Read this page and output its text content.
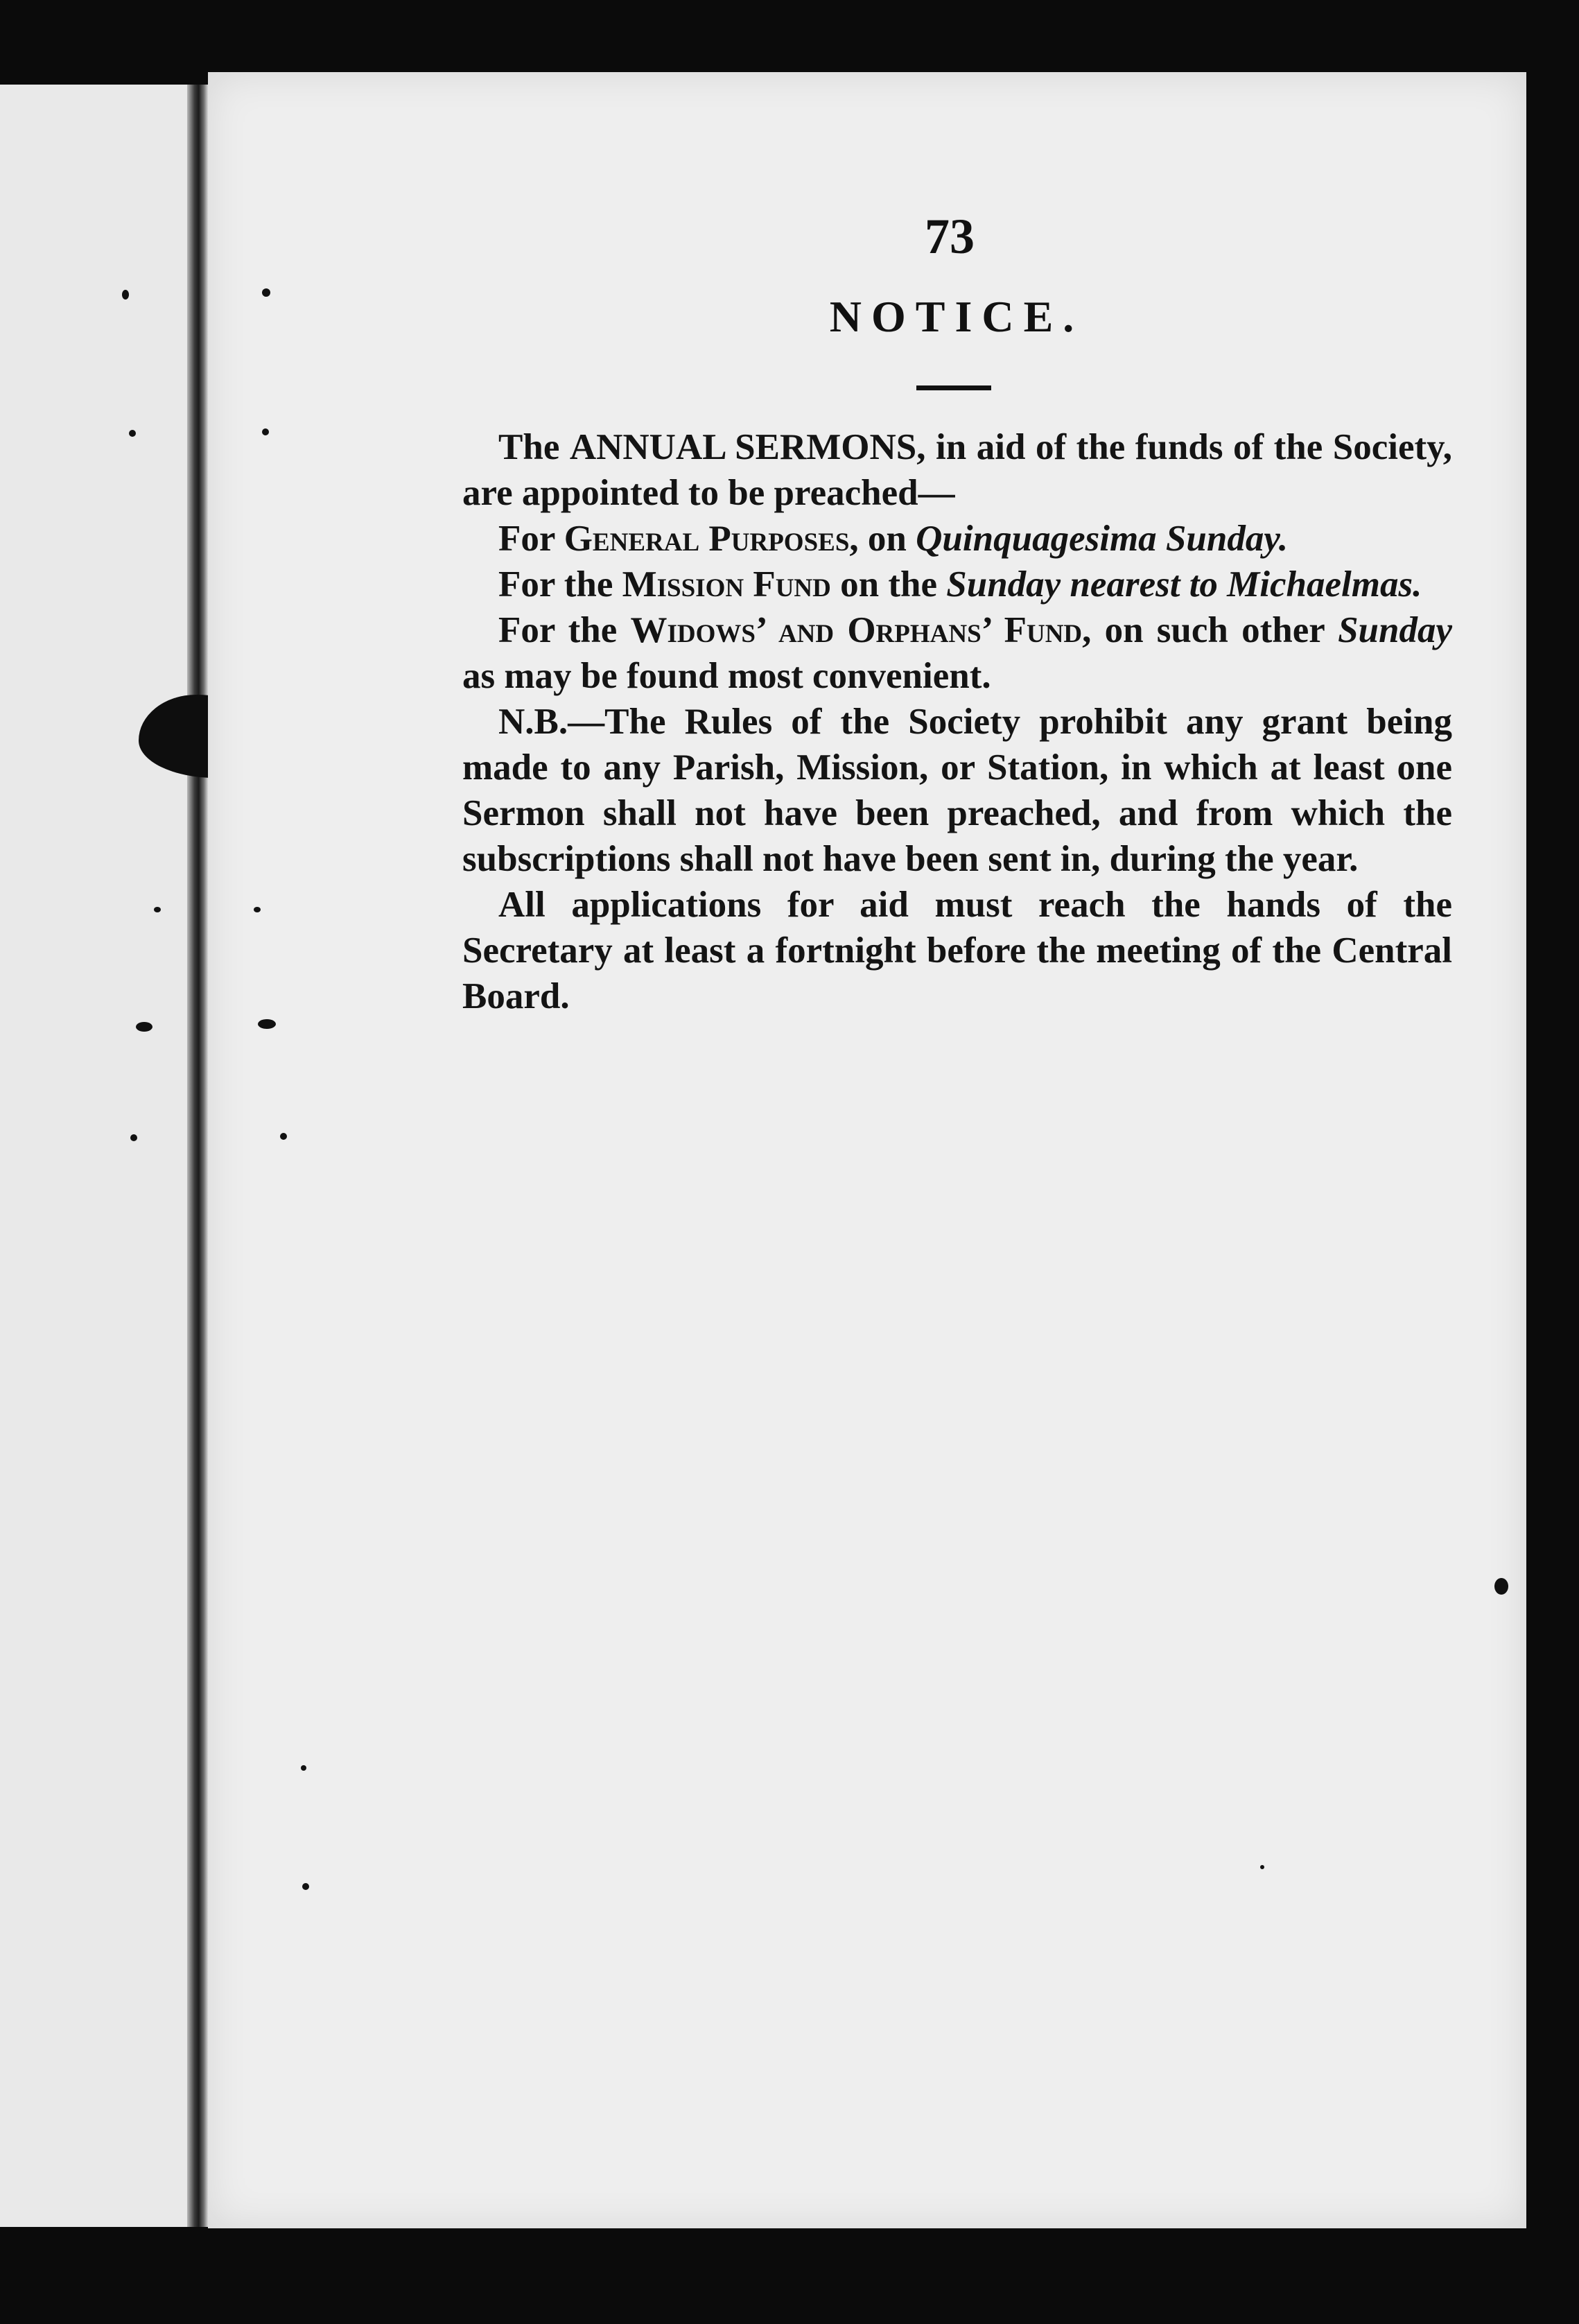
73
NOTICE.

The ANNUAL SERMONS, in aid of the funds of the Society, are appointed to be preached—

For General Purposes, on Quinquagesima Sunday.

For the Mission Fund on the Sunday nearest to Michaelmas.

For the Widows’ and Orphans’ Fund, on such other Sunday as may be found most convenient.

N.B.—The Rules of the Society prohibit any grant being made to any Parish, Mission, or Station, in which at least one Sermon shall not have been preached, and from which the subscriptions shall not have been sent in, during the year.

All applications for aid must reach the hands of the Secretary at least a fortnight before the meeting of the Central Board.
